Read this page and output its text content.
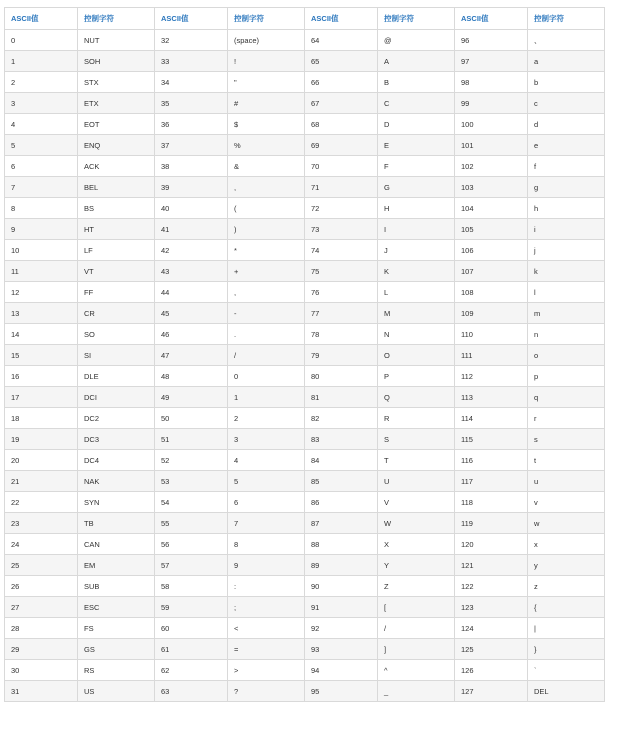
ASCII值	控制字符	ASCII值	控制字符	ASCII值	控制字符	ASCII值	控制字符
0	NUT	32	(space)	64	@	96	、
1	SOH	33	!	65	A	97	a
2	STX	34	"	66	B	98	b
3	ETX	35	#	67	C	99	c
4	EOT	36	$	68	D	100	d
5	ENQ	37	%	69	E	101	e
6	ACK	38	&	70	F	102	f
7	BEL	39	,	71	G	103	g
8	BS	40	(	72	H	104	h
9	HT	41	)	73	I	105	i
10	LF	42	*	74	J	106	j
11	VT	43	+	75	K	107	k
12	FF	44	,	76	L	108	l
13	CR	45	-	77	M	109	m
14	SO	46	.	78	N	110	n
15	SI	47	/	79	O	111	o
16	DLE	48	0	80	P	112	p
17	DCI	49	1	81	Q	113	q
18	DC2	50	2	82	R	114	r
19	DC3	51	3	83	S	115	s
20	DC4	52	4	84	T	116	t
21	NAK	53	5	85	U	117	u
22	SYN	54	6	86	V	118	v
23	TB	55	7	87	W	119	w
24	CAN	56	8	88	X	120	x
25	EM	57	9	89	Y	121	y
26	SUB	58	:	90	Z	122	z
27	ESC	59	;	91	[	123	{
28	FS	60	<	92	/	124	|
29	GS	61	=	93	]	125	}
30	RS	62	>	94	^	126	`
31	US	63	?	95	_	127	DEL
